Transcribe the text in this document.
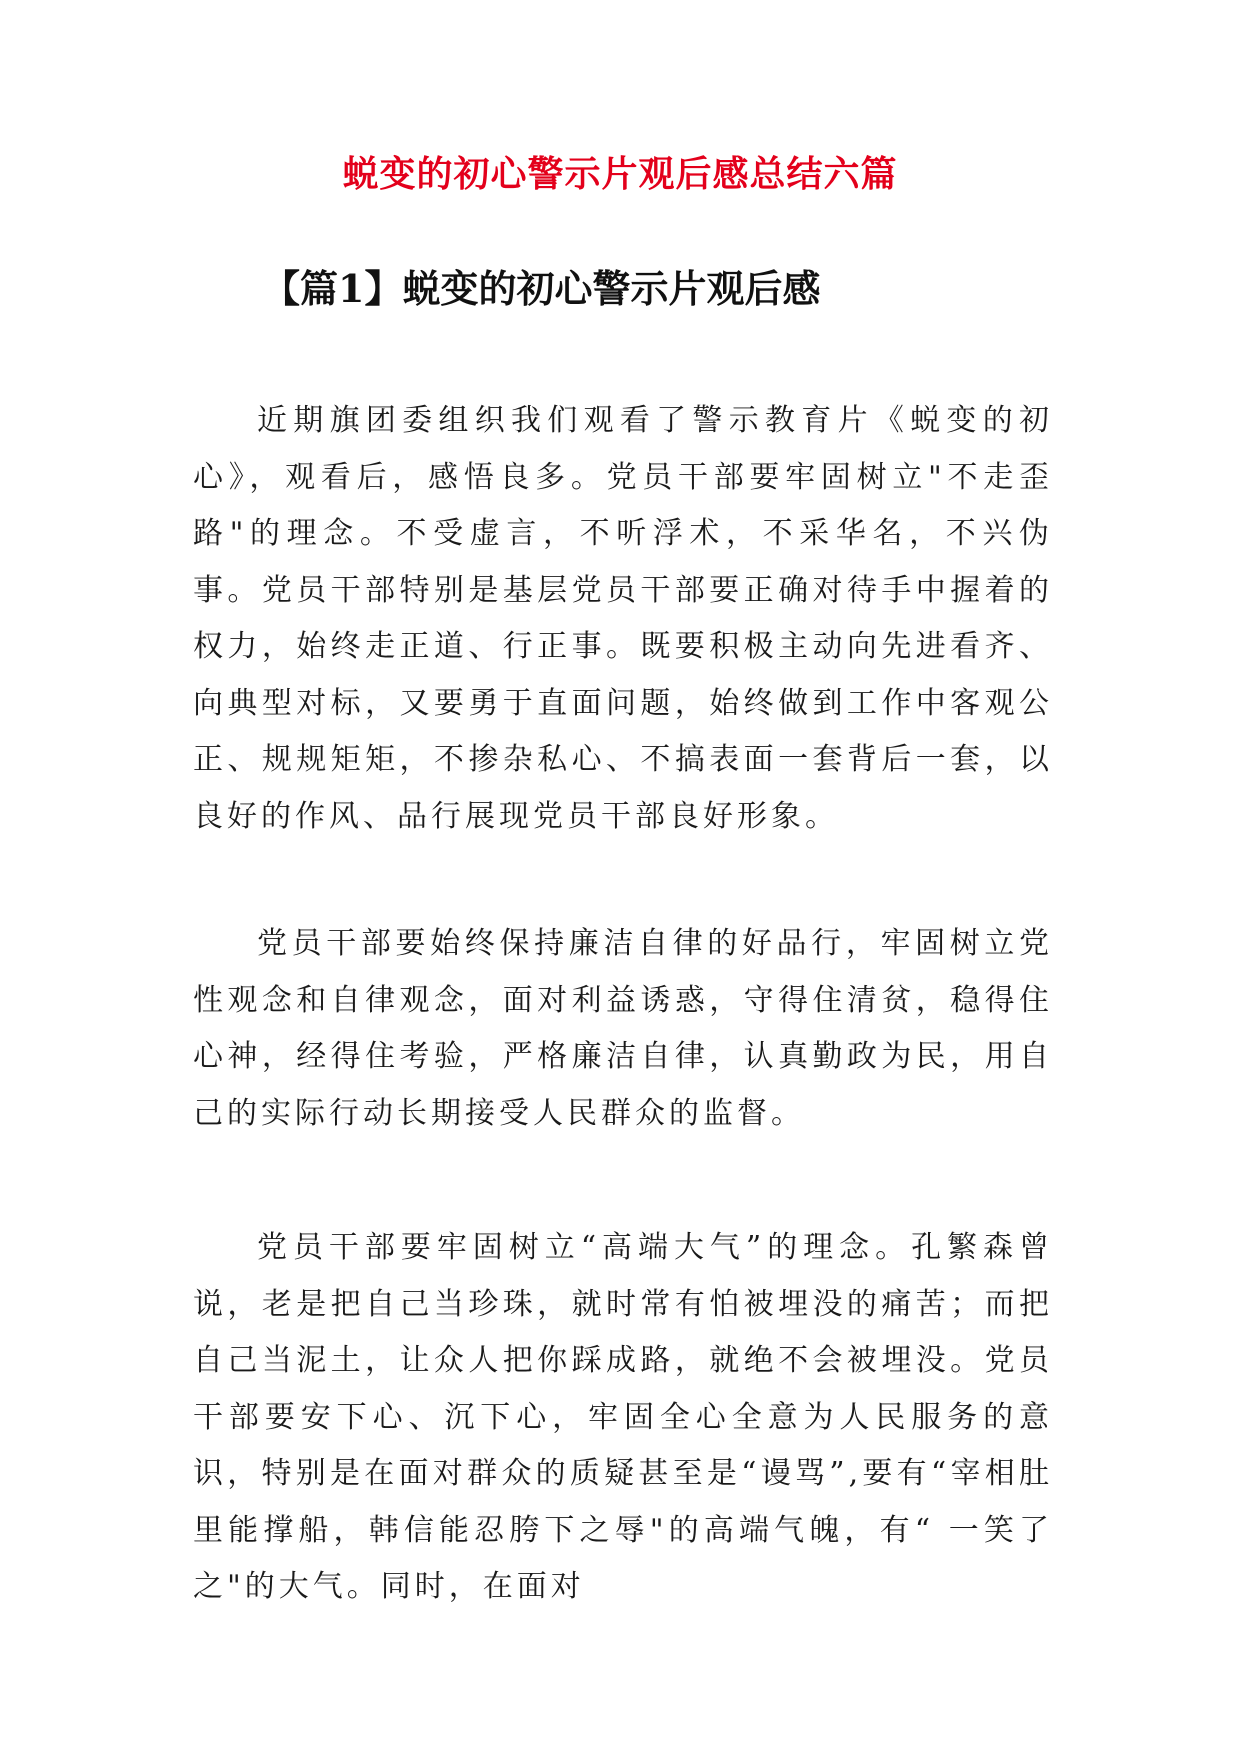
蜕变的初心警示片观后感总结六篇
【篇1】蜕变的初心警示片观后感

近期旗团委组织我们观看了警示教育片《蜕变的初心》，观看后，感悟良多。党员干部要牢固树立"不走歪路"的理念。不受虚言，不听浮术，不采华名，不兴伪事。党员干部特别是基层党员干部要正确对待手中握着的权力，始终走正道、行正事。既要积极主动向先进看齐、向典型对标，又要勇于直面问题，始终做到工作中客观公正、规规矩矩，不掺杂私心、不搞表面一套背后一套，以良好的作风、品行展现党员干部良好形象。

党员干部要始终保持廉洁自律的好品行，牢固树立党性观念和自律观念，面对利益诱惑，守得住清贫，稳得住心神，经得住考验，严格廉洁自律，认真勤政为民，用自己的实际行动长期接受人民群众的监督。

党员干部要牢固树立“高端大气”的理念。孔繁森曾说，老是把自己当珍珠，就时常有怕被埋没的痛苦；而把自己当泥土，让众人把你踩成路，就绝不会被埋没。党员干部要安下心、沉下心，牢固全心全意为人民服务的意识，特别是在面对群众的质疑甚至是“谩骂”,要有“宰相肚里能撑船，韩信能忍胯下之辱"的高端气魄，有“ 一笑了之"的大气。同时，在面对
